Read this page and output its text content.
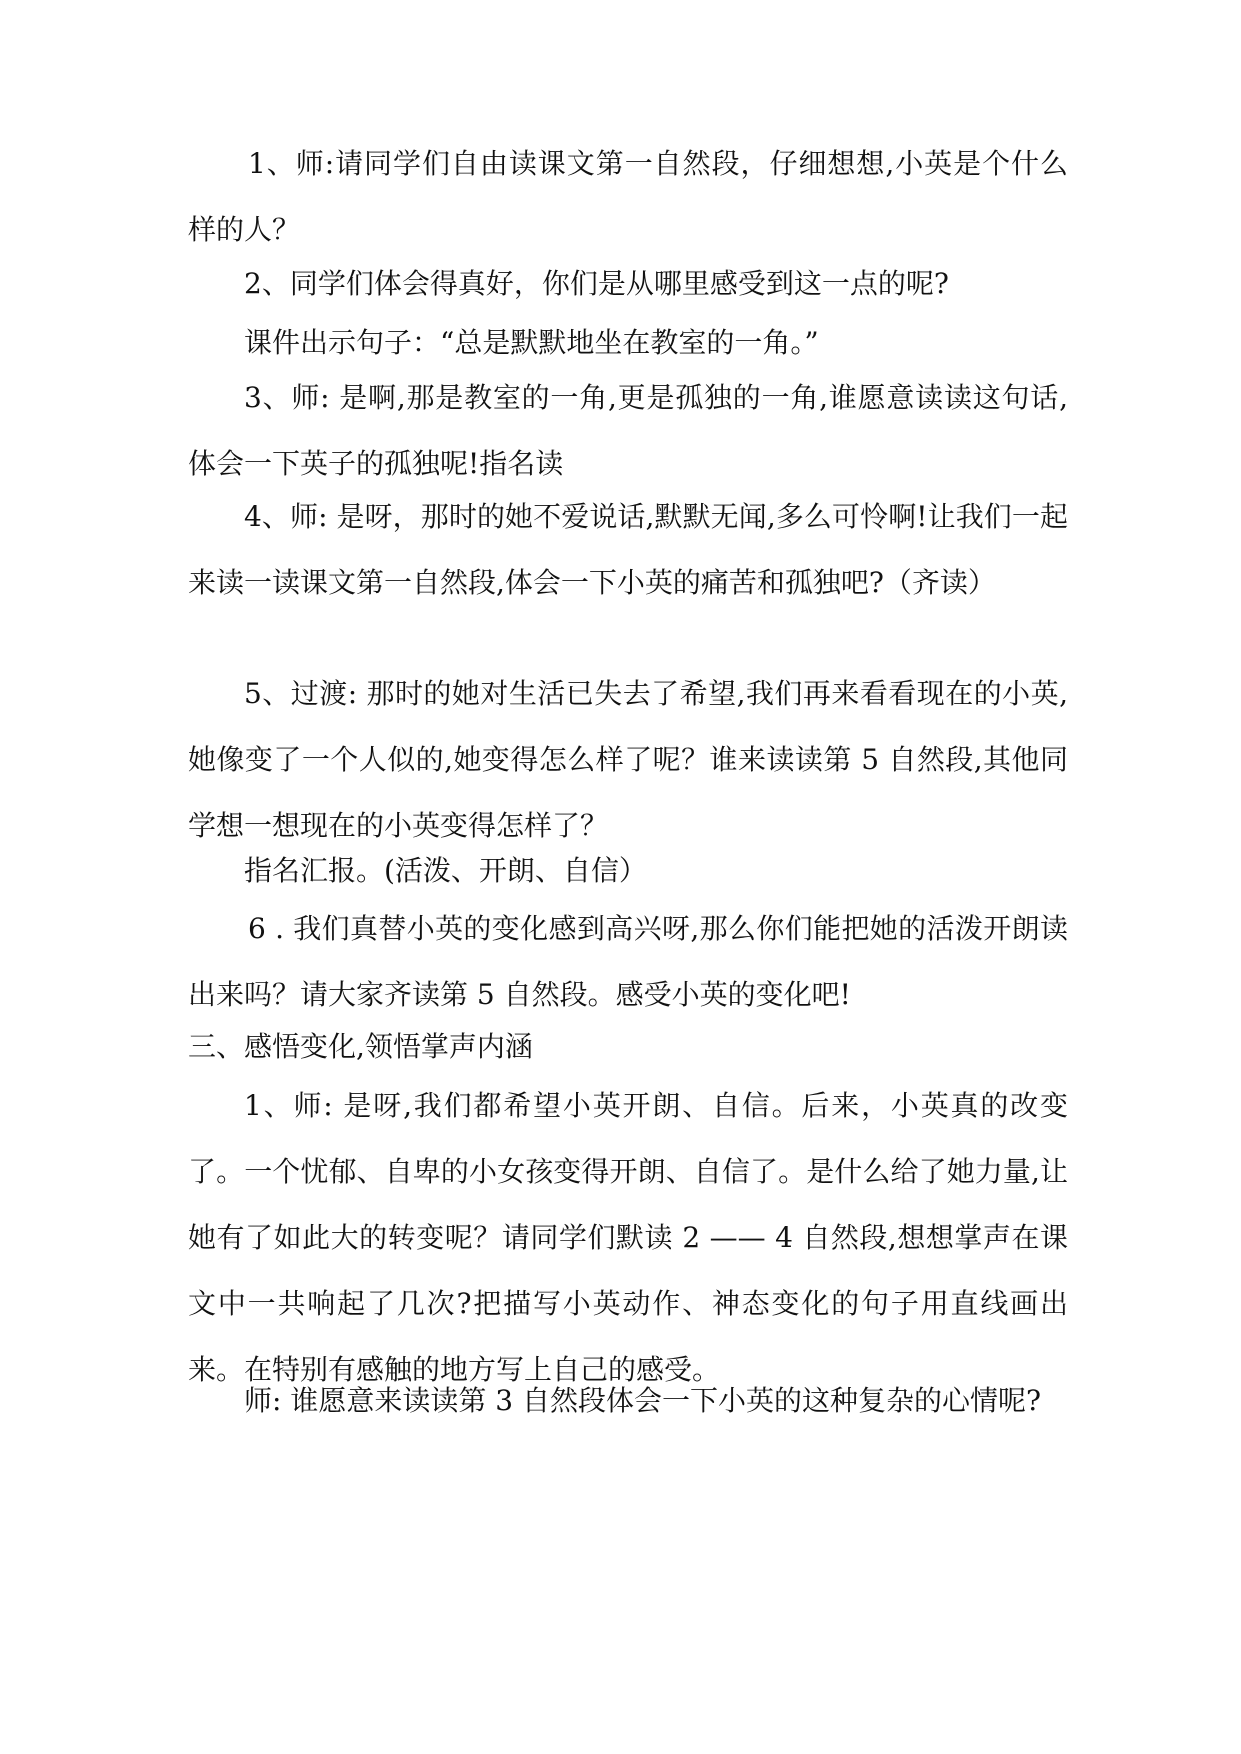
1、师:请同学们自由读课文第一自然段，仔细想想,小英是个什么样的人？

2、同学们体会得真好，你们是从哪里感受到这一点的呢?

课件出示句子：“总是默默地坐在教室的一角。”

3、师: 是啊,那是教室的一角,更是孤独的一角,谁愿意读读这句话,体会一下英子的孤独呢!指名读

4、师: 是呀，那时的她不爱说话,默默无闻,多么可怜啊!让我们一起来读一读课文第一自然段,体会一下小英的痛苦和孤独吧?（齐读）

5、过渡: 那时的她对生活已失去了希望,我们再来看看现在的小英,她像变了一个人似的,她变得怎么样了呢？谁来读读第 5 自然段,其他同学想一想现在的小英变得怎样了？

指名汇报。(活泼、开朗、自信）

6 . 我们真替小英的变化感到高兴呀,那么你们能把她的活泼开朗读出来吗？请大家齐读第 5 自然段。感受小英的变化吧!

三、感悟变化,领悟掌声内涵

1、师: 是呀,我们都希望小英开朗、自信。后来，小英真的改变了。一个忧郁、自卑的小女孩变得开朗、自信了。是什么给了她力量,让她有了如此大的转变呢？请同学们默读 2 —— 4 自然段,想想掌声在课文中一共响起了几次?把描写小英动作、神态变化的句子用直线画出来。在特别有感触的地方写上自己的感受。

师: 谁愿意来读读第 3 自然段体会一下小英的这种复杂的心情呢?
